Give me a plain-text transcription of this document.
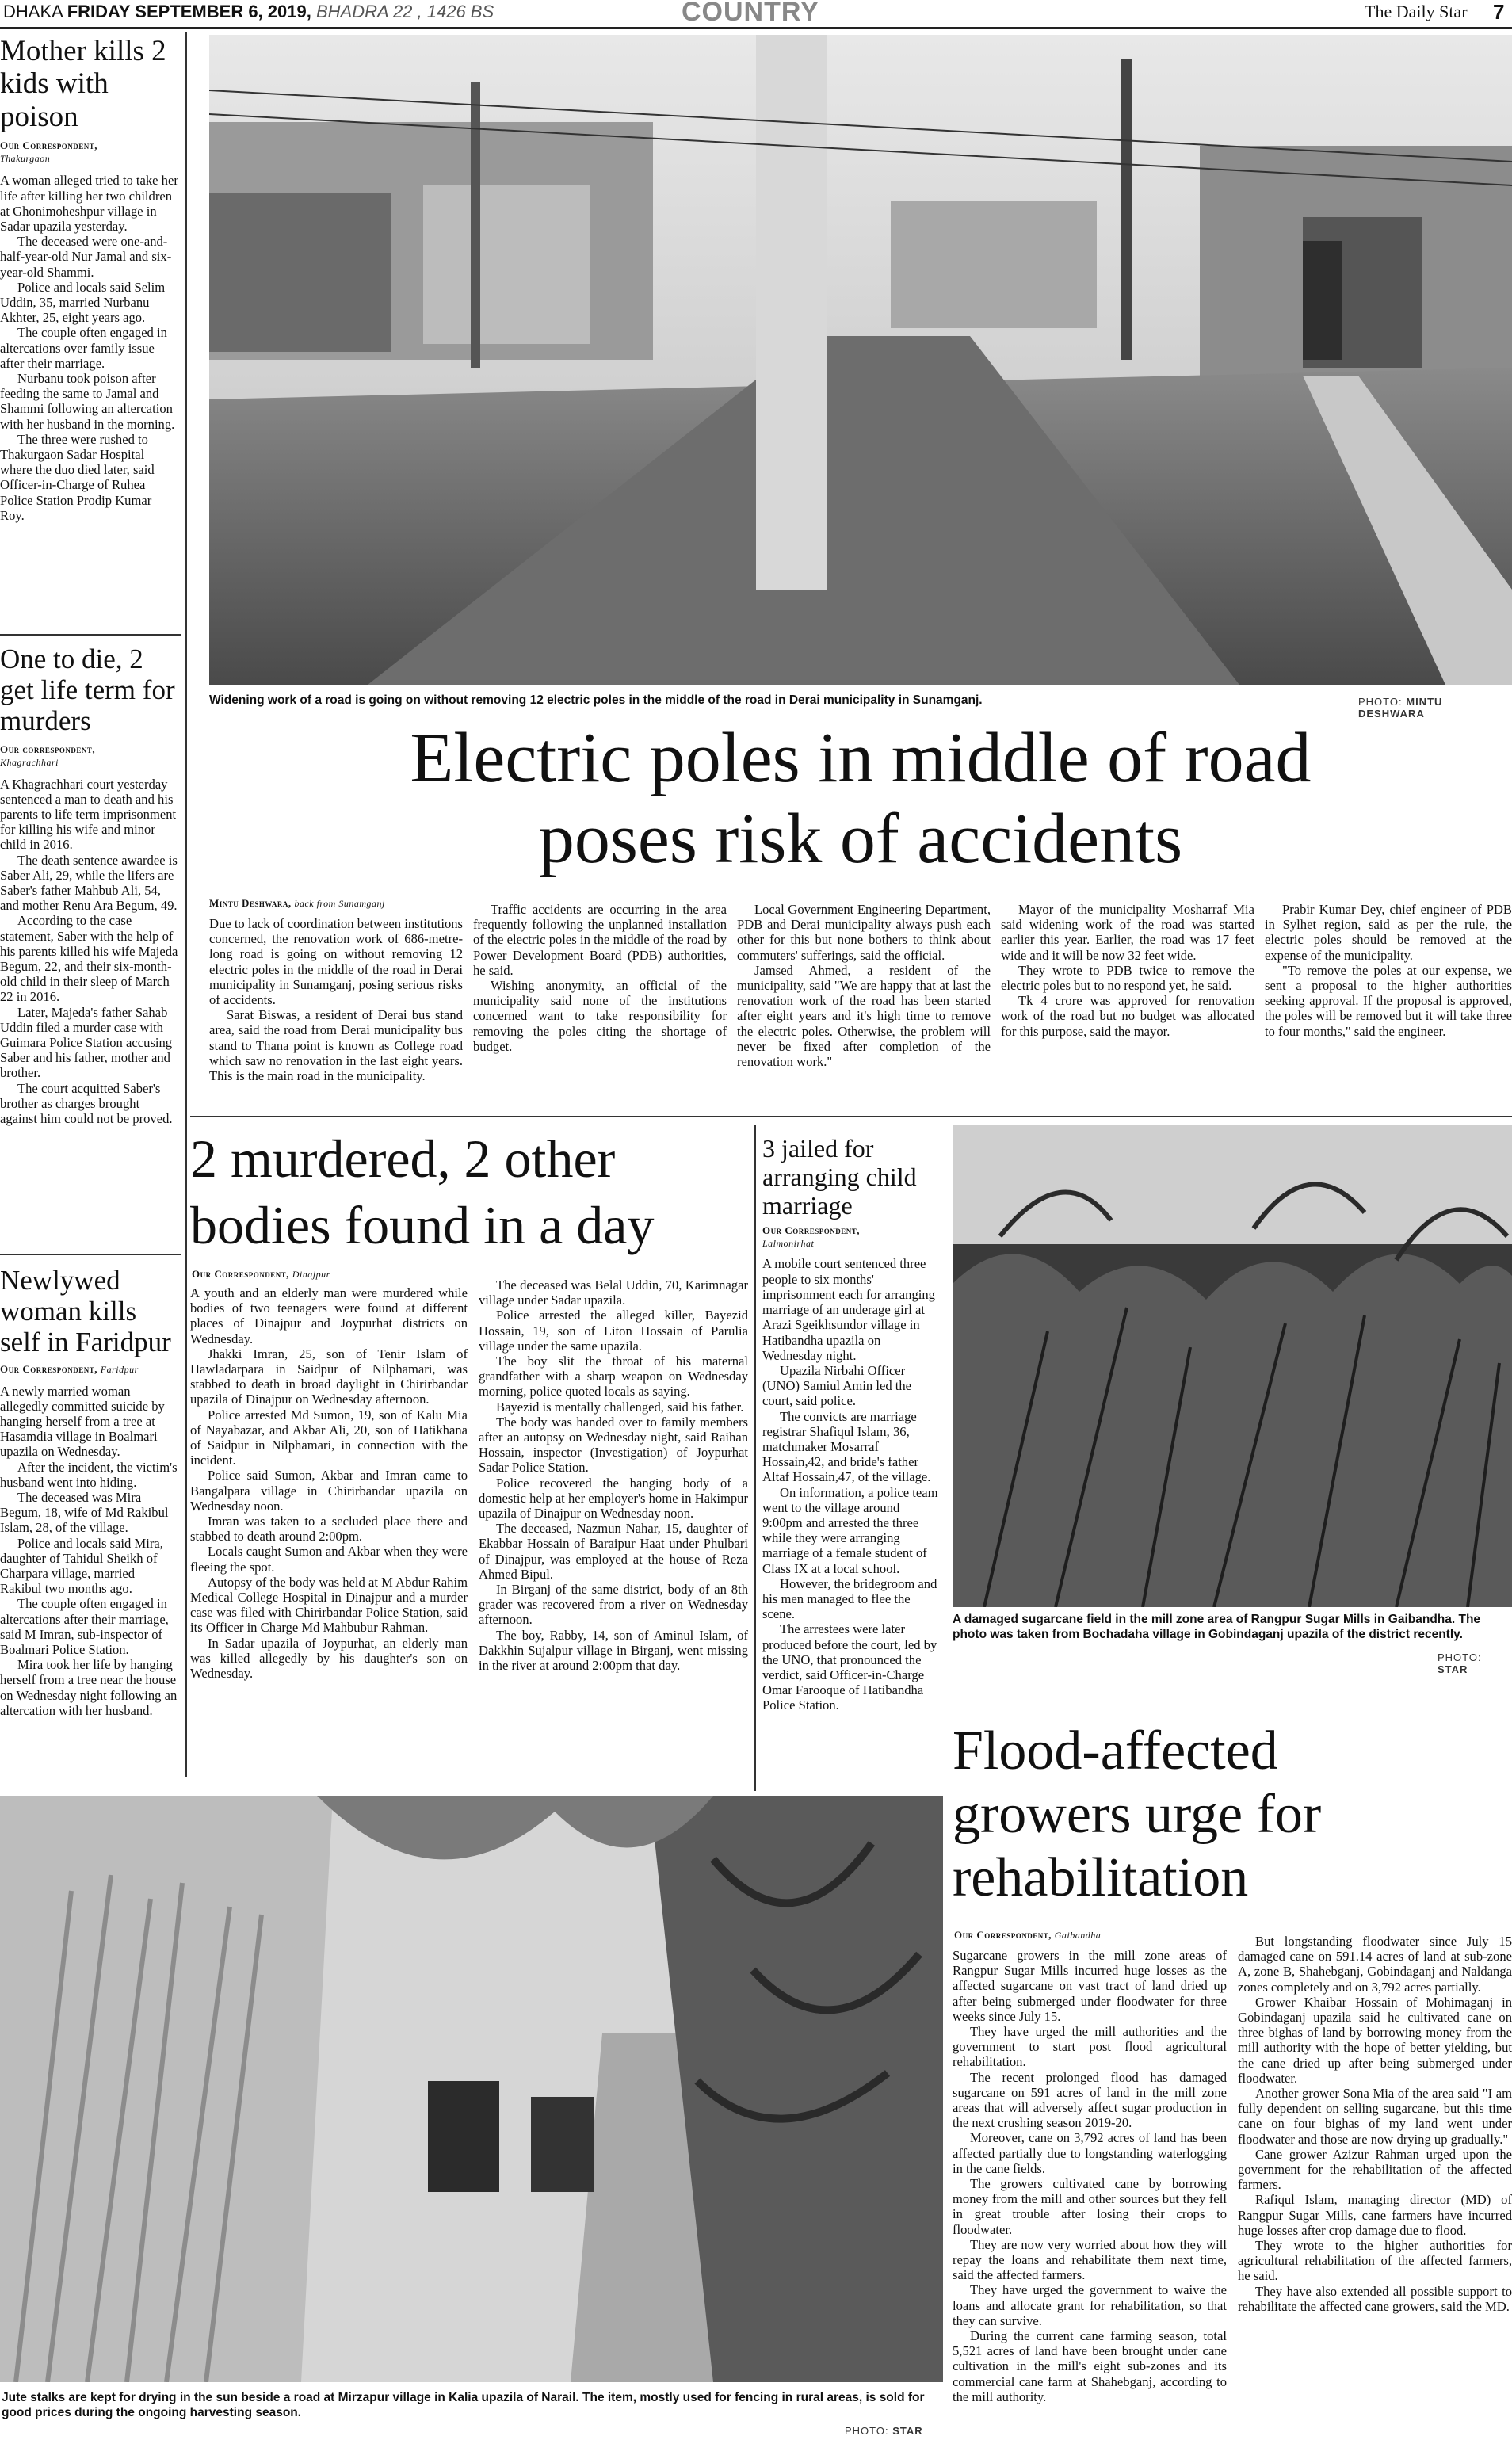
DHAKA FRIDAY SEPTEMBER 6, 2019, BHADRA 22 , 1426 BS	COUNTRY	The Daily Star 7
Mother kills 2 kids with poison
Our Correspondent,
Thakurgaon

A woman alleged tried to take her life after killing her two children at Ghonimoheshpur village in Sadar upazila yesterday.

The deceased were one-and-half-year-old Nur Jamal and six-year-old Shammi.

Police and locals said Selim Uddin, 35, married Nurbanu Akhter, 25, eight years ago.

The couple often engaged in altercations over family issue after their marriage.

Nurbanu took poison after feeding the same to Jamal and Shammi following an altercation with her husband in the morning.

The three were rushed to Thakurgaon Sadar Hospital where the duo died later, said Officer-in-Charge of Ruhea Police Station Prodip Kumar Roy.

One to die, 2 get life term for murders
Our correspondent,
Khagrachhari

A Khagrachhari court yesterday sentenced a man to death and his parents to life term imprisonment for killing his wife and minor child in 2016.

The death sentence awardee is Saber Ali, 29, while the lifers are Saber's father Mahbub Ali, 54, and mother Renu Ara Begum, 49.

According to the case statement, Saber with the help of his parents killed his wife Majeda Begum, 22, and their six-month-old child in their sleep of March 22 in 2016.

Later, Majeda's father Sahab Uddin filed a murder case with Guimara Police Station accusing Saber and his father, mother and brother.

The court acquitted Saber's brother as charges brought against him could not be proved.

Newlywed woman kills self in Faridpur
Our Correspondent, Faridpur

A newly married woman allegedly committed suicide by hanging herself from a tree at Hasamdia village in Boalmari upazila on Wednesday.

After the incident, the victim's husband went into hiding.

The deceased was Mira Begum, 18, wife of Md Rakibul Islam, 28, of the village.

Police and locals said Mira, daughter of Tahidul Sheikh of Charpara village, married Rakibul two months ago.

The couple often engaged in altercations after their marriage, said M Imran, sub-inspector of Boalmari Police Station.

Mira took her life by hanging herself from a tree near the house on Wednesday night following an altercation with her husband.

Widening work of a road is going on without removing 12 electric poles in the middle of the road in Derai municipality in Sunamganj.	PHOTO: MINTU DESHWARA
Electric poles in middle of road
poses risk of accidents
Mintu Deshwara, back from Sunamganj

Due to lack of coordination between institutions concerned, the renovation work of 686-metre-long road is going on without removing 12 electric poles in the middle of the road in Derai municipality in Sunamganj, posing serious risks of accidents.

Sarat Biswas, a resident of Derai bus stand area, said the road from Derai municipality bus stand to Thana point is known as College road which saw no renovation in the last eight years. This is the main road in the municipality.

Traffic accidents are occurring in the area frequently following the unplanned installation of the electric poles in the middle of the road by Power Development Board (PDB) authorities, he said.

Wishing anonymity, an official of the municipality said none of the institutions concerned want to take responsibility for removing the poles citing the shortage of budget.

Local Government Engineering Department, PDB and Derai municipality always push each other for this but none bothers to think about commuters' sufferings, said the official.

Jamsed Ahmed, a resident of the municipality, said "We are happy that at last the renovation work of the road has been started after eight years and it's high time to remove the electric poles. Otherwise, the problem will never be fixed after completion of the renovation work."

Mayor of the municipality Mosharraf Mia said widening work of the road was started earlier this year. Earlier, the road was 17 feet wide and it will be now 32 feet wide.

They wrote to PDB twice to remove the electric poles but to no respond yet, he said.

Tk 4 crore was approved for renovation work of the road but no budget was allocated for this purpose, said the mayor.

Prabir Kumar Dey, chief engineer of PDB in Sylhet region, said as per the rule, the electric poles should be removed at the expense of the municipality.

"To remove the poles at our expense, we sent a proposal to the higher authorities seeking approval. If the proposal is approved, the poles will be removed but it will take three to four months," said the engineer.

2 murdered, 2 other bodies found in a day
Our Correspondent, Dinajpur

A youth and an elderly man were murdered while bodies of two teenagers were found at different places of Dinajpur and Joypurhat districts on Wednesday.

Jhakki Imran, 25, son of Tenir Islam of Hawladarpara in Saidpur of Nilphamari, was stabbed to death in broad daylight in Chirirbandar upazila of Dinajpur on Wednesday afternoon.

Police arrested Md Sumon, 19, son of Kalu Mia of Nayabazar, and Akbar Ali, 20, son of Hatikhana of Saidpur in Nilphamari, in connection with the incident.

Police said Sumon, Akbar and Imran came to Bangalpara village in Chirirbandar upazila on Wednesday noon.

Imran was taken to a secluded place there and stabbed to death around 2:00pm.

Locals caught Sumon and Akbar when they were fleeing the spot.

Autopsy of the body was held at M Abdur Rahim Medical College Hospital in Dinajpur and a murder case was filed with Chirirbandar Police Station, said its Officer in Charge Md Mahbubur Rahman.

In Sadar upazila of Joypurhat, an elderly man was killed allegedly by his daughter's son on Wednesday.

The deceased was Belal Uddin, 70, Karimnagar village under Sadar upazila.

Police arrested the alleged killer, Bayezid Hossain, 19, son of Liton Hossain of Parulia village under the same upazila.

The boy slit the throat of his maternal grandfather with a sharp weapon on Wednesday morning, police quoted locals as saying.

Bayezid is mentally challenged, said his father.

The body was handed over to family members after an autopsy on Wednesday night, said Raihan Hossain, inspector (Investigation) of Joypurhat Sadar Police Station.

Police recovered the hanging body of a domestic help at her employer's home in Hakimpur upazila of Dinajpur on Wednesday noon.

The deceased, Nazmun Nahar, 15, daughter of Ekabbar Hossain of Baraipur Haat under Phulbari of Dinajpur, was employed at the house of Reza Ahmed Bipul.

In Birganj of the same district, body of an 8th grader was recovered from a river on Wednesday afternoon.

The boy, Rabby, 14, son of Aminul Islam, of Dakkhin Sujalpur village in Birganj, went missing in the river at around 2:00pm that day.

3 jailed for arranging child marriage
Our Correspondent,
Lalmonirhat

A mobile court sentenced three people to six months' imprisonment each for arranging marriage of an underage girl at Arazi Sgeikhsundor village in Hatibandha upazila on Wednesday night.

Upazila Nirbahi Officer (UNO) Samiul Amin led the court, said police.

The convicts are marriage registrar Shafiqul Islam, 36, matchmaker Mosarraf Hossain,42, and bride's father Altaf Hossain,47, of the village.

On information, a police team went to the village around 9:00pm and arrested the three while they were arranging marriage of a female student of Class IX at a local school.

However, the bridegroom and his men managed to flee the scene.

The arrestees were later produced before the court, led by the UNO, that pronounced the verdict, said Officer-in-Charge Omar Farooque of Hatibandha Police Station.

A damaged sugarcane field in the mill zone area of Rangpur Sugar Mills in Gaibandha. The photo was taken from Bochadaha village in Gobindaganj upazila of the district recently.
PHOTO: STAR
Flood-affected
growers urge for
rehabilitation
Our Correspondent, Gaibandha

Sugarcane growers in the mill zone areas of Rangpur Sugar Mills incurred huge losses as the affected sugarcane on vast tract of land dried up after being submerged under floodwater for three weeks since July 15.

They have urged the mill authorities and the government to start post flood agricultural rehabilitation.

The recent prolonged flood has damaged sugarcane on 591 acres of land in the mill zone areas that will adversely affect sugar production in the next crushing season 2019-20.

Moreover, cane on 3,792 acres of land has been affected partially due to longstanding waterlogging in the cane fields.

The growers cultivated cane by borrowing money from the mill and other sources but they fell in great trouble after losing their crops to floodwater.

They are now very worried about how they will repay the loans and rehabilitate them next time, said the affected farmers.

They have urged the government to waive the loans and allocate grant for rehabilitation, so that they can survive.

During the current cane farming season, total 5,521 acres of land have been brought under cane cultivation in the mill's eight sub-zones and its commercial cane farm at Shahebganj, according to the mill authority.

But longstanding floodwater since July 15 damaged cane on 591.14 acres of land at sub-zone A, zone B, Shahebganj, Gobindaganj and Naldanga zones completely and on 3,792 acres partially.

Grower Khaibar Hossain of Mohimaganj in Gobindaganj upazila said he cultivated cane on three bighas of land by borrowing money from the mill authority with the hope of better yielding, but the cane dried up after being submerged under floodwater.

Another grower Sona Mia of the area said "I am fully dependent on selling sugarcane, but this time cane on four bighas of my land went under floodwater and those are now drying up gradually."

Cane grower Azizur Rahman urged upon the government for the rehabilitation of the affected farmers.

Rafiqul Islam, managing director (MD) of Rangpur Sugar Mills, cane farmers have incurred huge losses after crop damage due to flood.

They wrote to the higher authorities for agricultural rehabilitation of the affected farmers, he said.

They have also extended all possible support to rehabilitate the affected cane growers, said the MD.

Jute stalks are kept for drying in the sun beside a road at Mirzapur village in Kalia upazila of Narail. The item, mostly used for fencing in rural areas, is sold for good prices during the ongoing harvesting season.
PHOTO: STAR
